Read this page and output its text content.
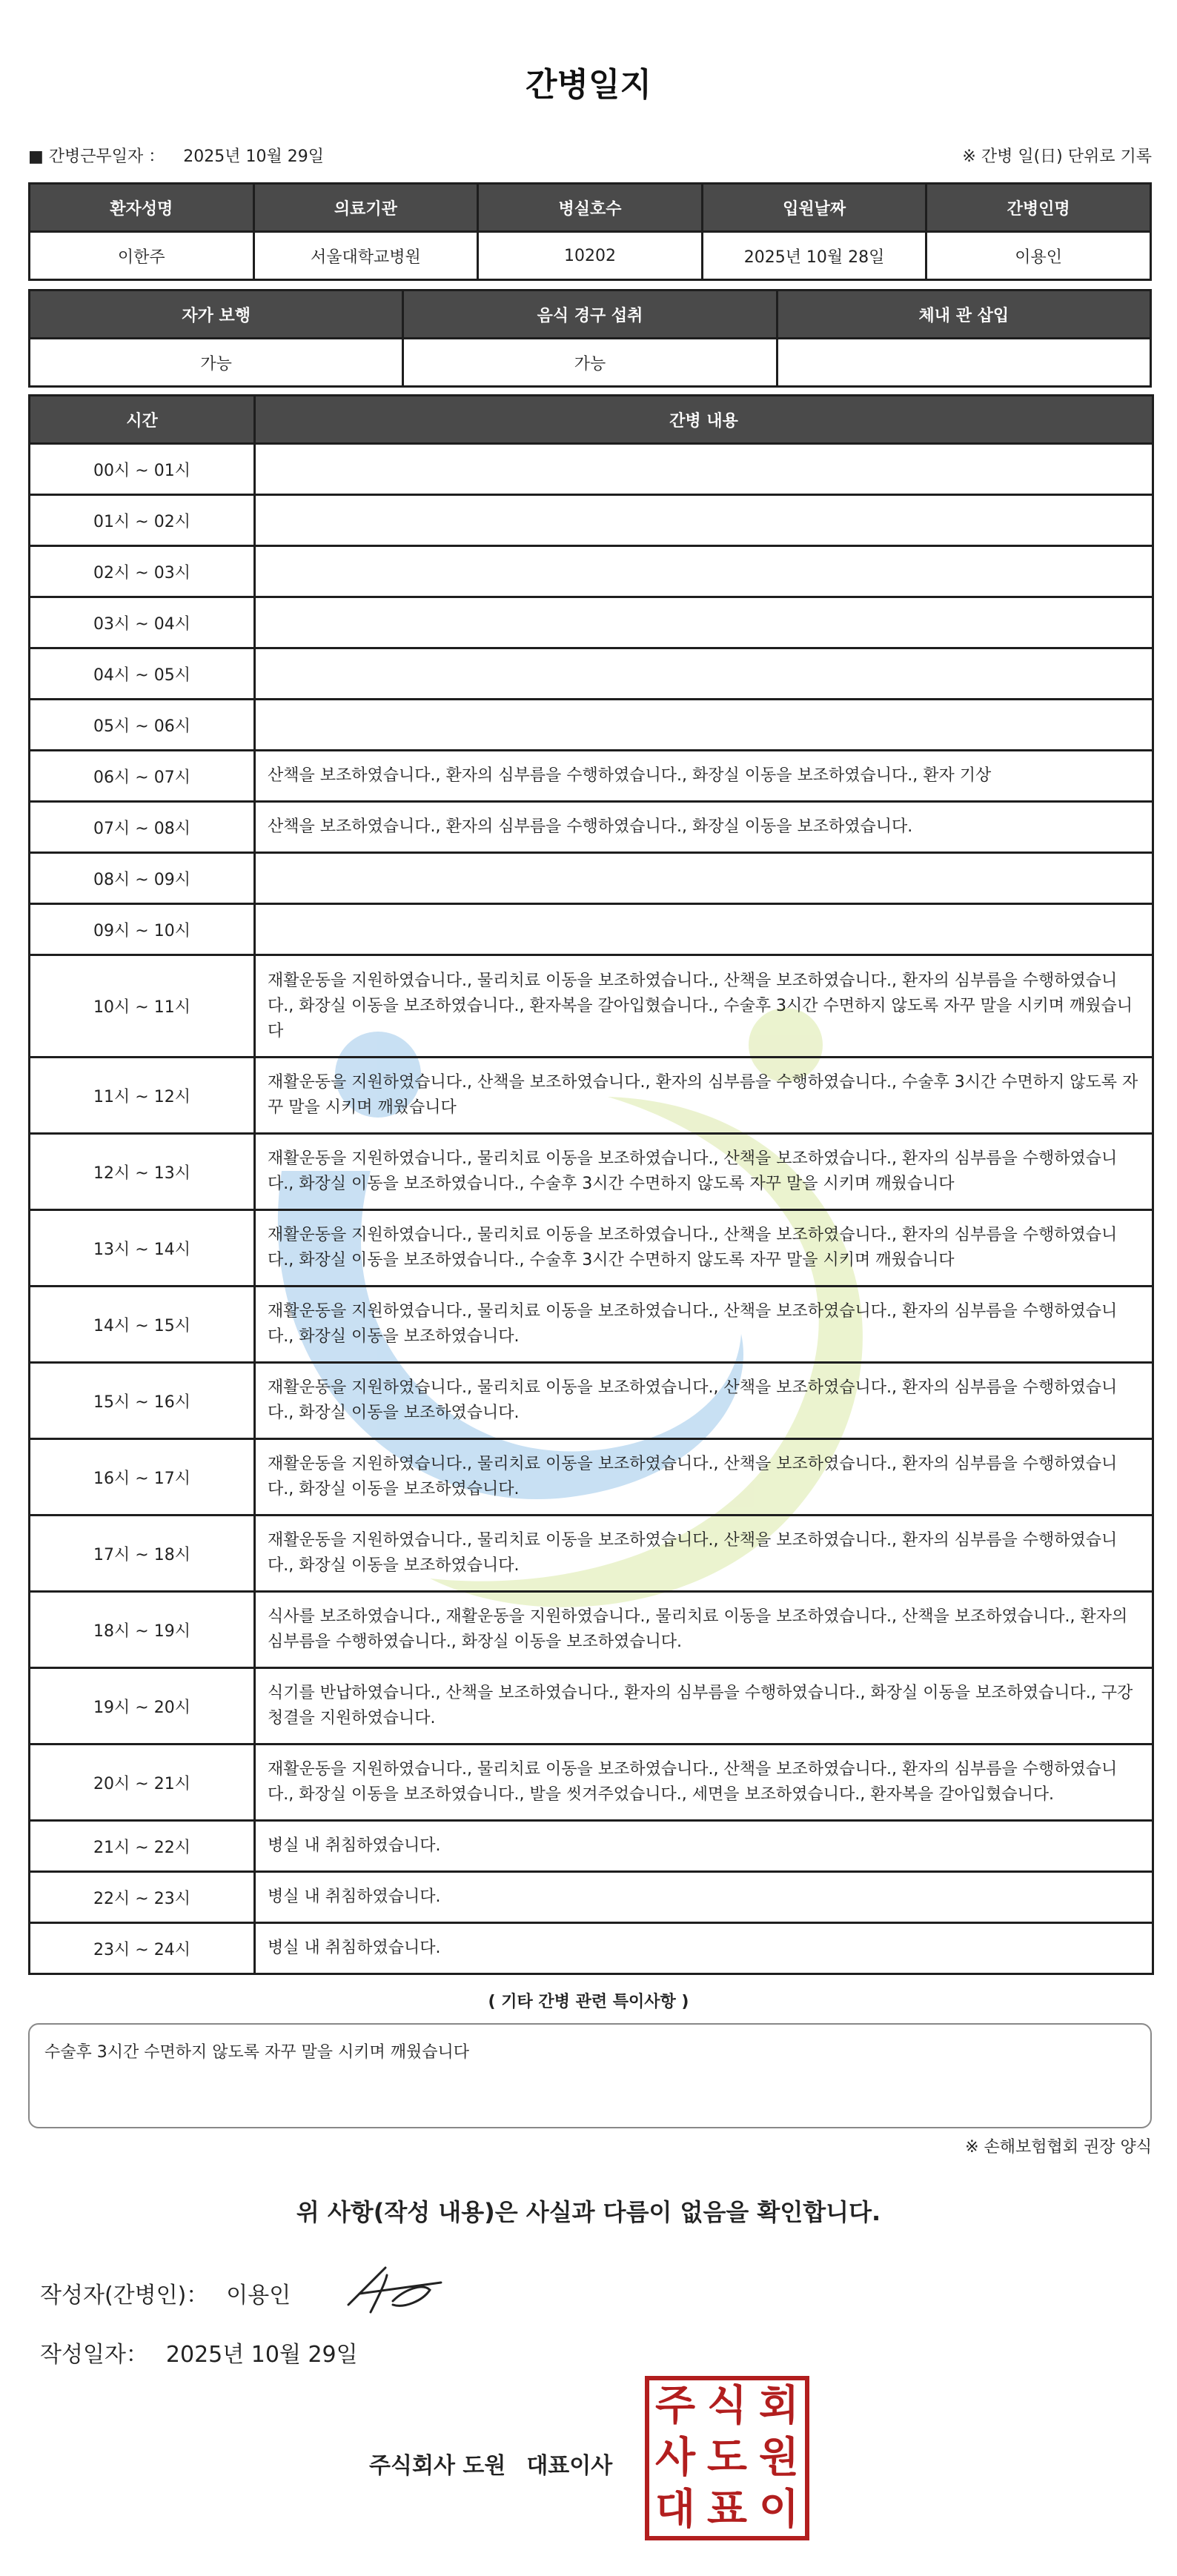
간병일지
■ 간병근무일자 ： 2025년 10월 29일	※ 간병 일(日) 단위로 기록
환자성명	의료기관	병실호수	입원날짜	간병인명
이한주	서울대학교병원	10202	2025년 10월 28일	이용인
자가 보행	음식 경구 섭취	체내 관 삽입
가능	가능	
시간	간병 내용
00시 ~ 01시	
01시 ~ 02시	
02시 ~ 03시	
03시 ~ 04시	
04시 ~ 05시	
05시 ~ 06시	
06시 ~ 07시	산책을 보조하였습니다., 환자의 심부름을 수행하였습니다., 화장실 이동을 보조하였습니다., 환자 기상
07시 ~ 08시	산책을 보조하였습니다., 환자의 심부름을 수행하였습니다., 화장실 이동을 보조하였습니다.
08시 ~ 09시	
09시 ~ 10시	
10시 ~ 11시	재활운동을 지원하였습니다., 물리치료 이동을 보조하였습니다., 산책을 보조하였습니다., 환자의 심부름을 수행하였습니다., 화장실 이동을 보조하였습니다., 환자복을 갈아입혔습니다., 수술후 3시간 수면하지 않도록 자꾸 말을 시키며 깨웠습니다
11시 ~ 12시	재활운동을 지원하였습니다., 산책을 보조하였습니다., 환자의 심부름을 수행하였습니다., 수술후 3시간 수면하지 않도록 자꾸 말을 시키며 깨웠습니다
12시 ~ 13시	재활운동을 지원하였습니다., 물리치료 이동을 보조하였습니다., 산책을 보조하였습니다., 환자의 심부름을 수행하였습니다., 화장실 이동을 보조하였습니다., 수술후 3시간 수면하지 않도록 자꾸 말을 시키며 깨웠습니다
13시 ~ 14시	재활운동을 지원하였습니다., 물리치료 이동을 보조하였습니다., 산책을 보조하였습니다., 환자의 심부름을 수행하였습니다., 화장실 이동을 보조하였습니다., 수술후 3시간 수면하지 않도록 자꾸 말을 시키며 깨웠습니다
14시 ~ 15시	재활운동을 지원하였습니다., 물리치료 이동을 보조하였습니다., 산책을 보조하였습니다., 환자의 심부름을 수행하였습니다., 화장실 이동을 보조하였습니다.
15시 ~ 16시	재활운동을 지원하였습니다., 물리치료 이동을 보조하였습니다., 산책을 보조하였습니다., 환자의 심부름을 수행하였습니다., 화장실 이동을 보조하였습니다.
16시 ~ 17시	재활운동을 지원하였습니다., 물리치료 이동을 보조하였습니다., 산책을 보조하였습니다., 환자의 심부름을 수행하였습니다., 화장실 이동을 보조하였습니다.
17시 ~ 18시	재활운동을 지원하였습니다., 물리치료 이동을 보조하였습니다., 산책을 보조하였습니다., 환자의 심부름을 수행하였습니다., 화장실 이동을 보조하였습니다.
18시 ~ 19시	식사를 보조하였습니다., 재활운동을 지원하였습니다., 물리치료 이동을 보조하였습니다., 산책을 보조하였습니다., 환자의 심부름을 수행하였습니다., 화장실 이동을 보조하였습니다.
19시 ~ 20시	식기를 반납하였습니다., 산책을 보조하였습니다., 환자의 심부름을 수행하였습니다., 화장실 이동을 보조하였습니다., 구강청결을 지원하였습니다.
20시 ~ 21시	재활운동을 지원하였습니다., 물리치료 이동을 보조하였습니다., 산책을 보조하였습니다., 환자의 심부름을 수행하였습니다., 화장실 이동을 보조하였습니다., 발을 씻겨주었습니다., 세면을 보조하였습니다., 환자복을 갈아입혔습니다.
21시 ~ 22시	병실 내 취침하였습니다.
22시 ~ 23시	병실 내 취침하였습니다.
23시 ~ 24시	병실 내 취침하였습니다.
( 기타 간병 관련 특이사항 )
수술후 3시간 수면하지 않도록 자꾸 말을 시키며 깨웠습니다
※ 손해보험협회 권장 양식
위 사항(작성 내용)은 사실과 다름이 없음을 확인합니다.
작성자(간병인)： 이용인
작성일자： 2025년 10월 29일
주식회사 도원 대표이사
주 식 회
사 도 원
대 표 이
